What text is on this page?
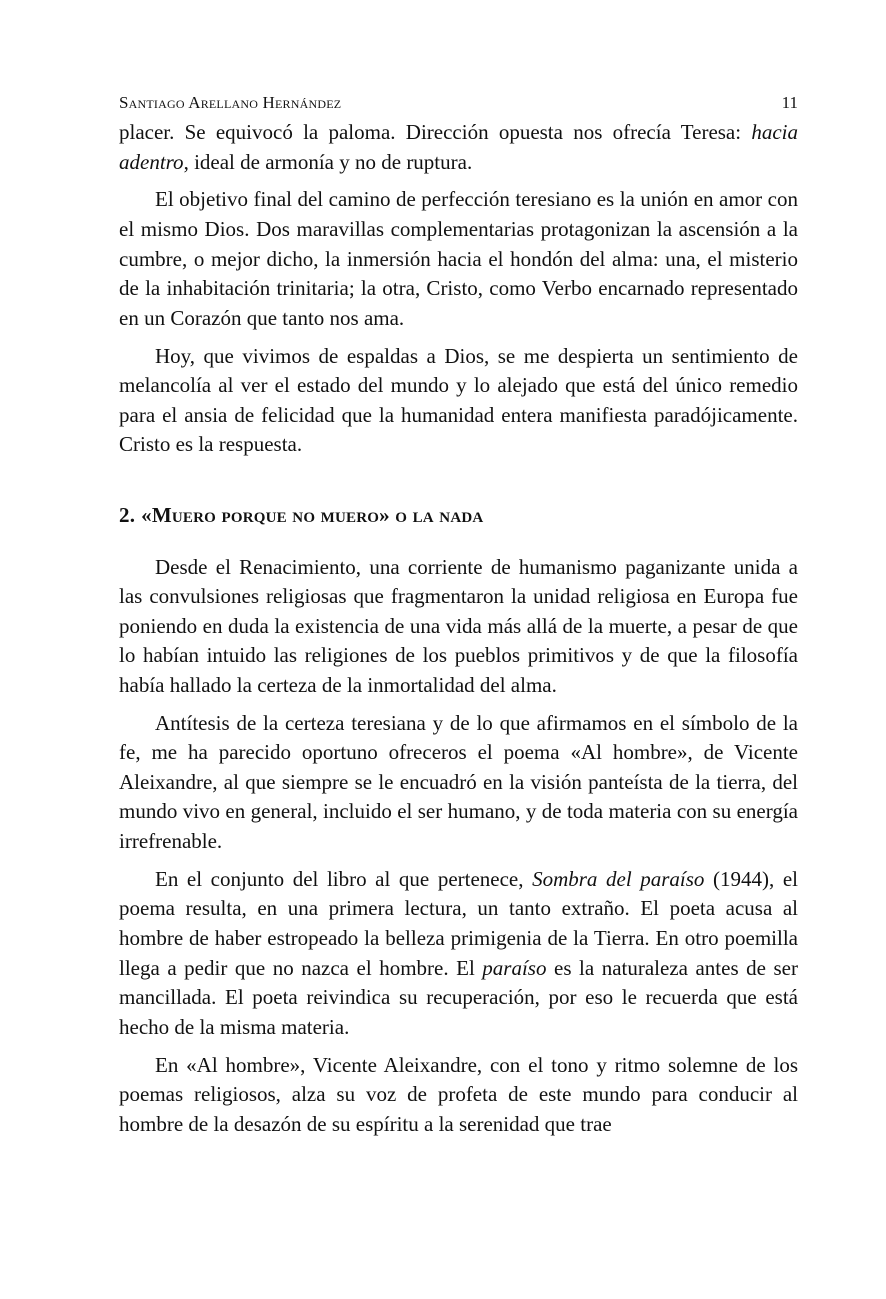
Santiago Arellano Hernández	11

placer. Se equivocó la paloma. Dirección opuesta nos ofrecía Teresa: hacia adentro, ideal de armonía y no de ruptura.

El objetivo final del camino de perfección teresiano es la unión en amor con el mismo Dios. Dos maravillas complementarias protagonizan la ascensión a la cumbre, o mejor dicho, la inmersión hacia el hondón del alma: una, el misterio de la inhabitación trinitaria; la otra, Cristo, como Verbo encarnado representado en un Corazón que tanto nos ama.

Hoy, que vivimos de espaldas a Dios, se me despierta un sentimiento de melancolía al ver el estado del mundo y lo alejado que está del único remedio para el ansia de felicidad que la humanidad entera manifiesta paradójicamente. Cristo es la respuesta.

2. «Muero porque no muero» o la nada

Desde el Renacimiento, una corriente de humanismo paganizante unida a las convulsiones religiosas que fragmentaron la unidad religiosa en Europa fue poniendo en duda la existencia de una vida más allá de la muerte, a pesar de que lo habían intuido las religiones de los pueblos primitivos y de que la filosofía había hallado la certeza de la inmortalidad del alma.

Antítesis de la certeza teresiana y de lo que afirmamos en el símbolo de la fe, me ha parecido oportuno ofreceros el poema «Al hombre», de Vicente Aleixandre, al que siempre se le encuadró en la visión panteísta de la tierra, del mundo vivo en general, incluido el ser humano, y de toda materia con su energía irrefrenable.

En el conjunto del libro al que pertenece, Sombra del paraíso (1944), el poema resulta, en una primera lectura, un tanto extraño. El poeta acusa al hombre de haber estropeado la belleza primigenia de la Tierra. En otro poemilla llega a pedir que no nazca el hombre. El paraíso es la naturaleza antes de ser mancillada. El poeta reivindica su recuperación, por eso le recuerda que está hecho de la misma materia.

En «Al hombre», Vicente Aleixandre, con el tono y ritmo solemne de los poemas religiosos, alza su voz de profeta de este mundo para conducir al hombre de la desazón de su espíritu a la serenidad que trae
